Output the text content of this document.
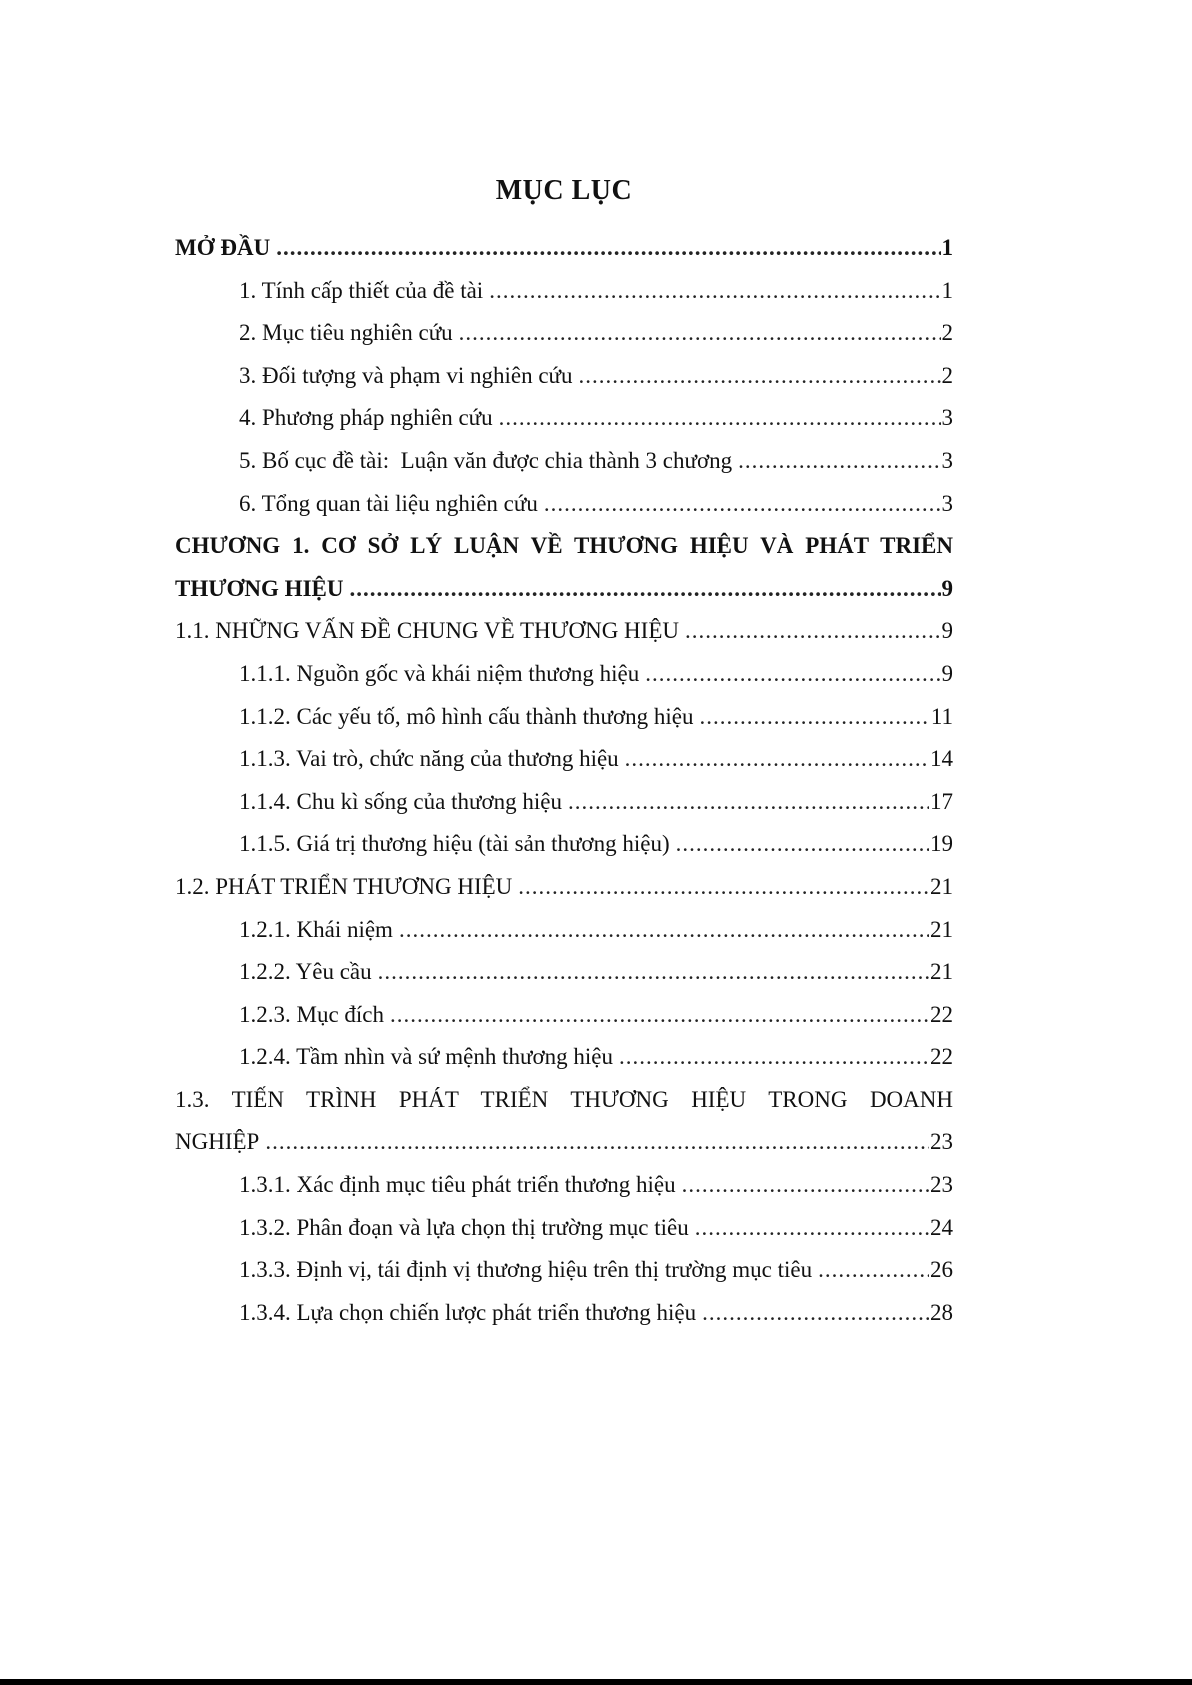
MỤC LỤC
MỞ ĐẦU .....	1
1. Tính cấp thiết của đề tài .....	1
2. Mục tiêu nghiên cứu .....	2
3. Đối tượng và phạm vi nghiên cứu .....	2
4. Phương pháp nghiên cứu .....	3
5. Bố cục đề tài:  Luận văn được chia thành 3 chương .....	3
6. Tổng quan tài liệu nghiên cứu .....	3
CHƯƠNG 1. CƠ SỞ LÝ LUẬN VỀ THƯƠNG HIỆU VÀ PHÁT TRIỂN
THƯƠNG HIỆU .....	9
1.1. NHỮNG VẤN ĐỀ CHUNG VỀ THƯƠNG HIỆU .....	9
1.1.1. Nguồn gốc và khái niệm thương hiệu .....	9
1.1.2. Các yếu tố, mô hình cấu thành thương hiệu .....	11
1.1.3. Vai trò, chức năng của thương hiệu .....	14
1.1.4. Chu kì sống của thương hiệu .....	17
1.1.5. Giá trị thương hiệu (tài sản thương hiệu) .....	19
1.2. PHÁT TRIỂN THƯƠNG HIỆU .....	21
1.2.1. Khái niệm .....	21
1.2.2. Yêu cầu .....	21
1.2.3. Mục đích .....	22
1.2.4. Tầm nhìn và sứ mệnh thương hiệu .....	22
1.3. TIẾN TRÌNH PHÁT TRIỂN THƯƠNG HIỆU TRONG DOANH
NGHIỆP .....	23
1.3.1. Xác định mục tiêu phát triển thương hiệu .....	23
1.3.2. Phân đoạn và lựa chọn thị trường mục tiêu .....	24
1.3.3. Định vị, tái định vị thương hiệu trên thị trường mục tiêu .....	26
1.3.4. Lựa chọn chiến lược phát triển thương hiệu .....	28
